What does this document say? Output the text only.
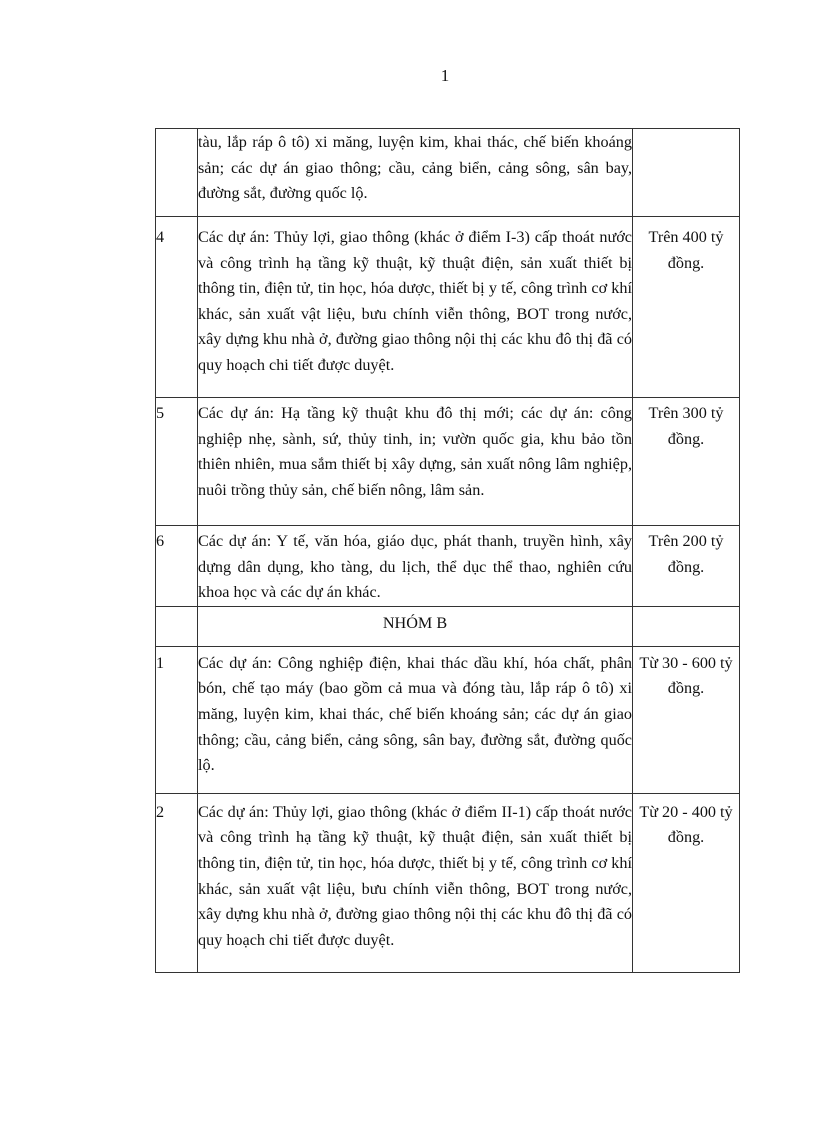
1
	tàu, lắp ráp ô tô) xi măng, luyện kim, khai thác, chế biến khoáng sản; các dự án giao thông; cầu, cảng biển, cảng sông, sân bay, đường sắt, đường quốc lộ.	
4	Các dự án: Thủy lợi, giao thông (khác ở điểm I-3) cấp thoát nước và công trình hạ tầng kỹ thuật, kỹ thuật điện, sản xuất thiết bị thông tin, điện tử, tin học, hóa dược, thiết bị y tế, công trình cơ khí khác, sản xuất vật liệu, bưu chính viễn thông, BOT trong nước, xây dựng khu nhà ở, đường giao thông nội thị các khu đô thị đã có quy hoạch chi tiết được duyệt.	Trên 400 tỷ đồng.
5	Các dự án: Hạ tầng kỹ thuật khu đô thị mới; các dự án: công nghiệp nhẹ, sành, sứ, thủy tinh, in; vườn quốc gia, khu bảo tồn thiên nhiên, mua sắm thiết bị xây dựng, sản xuất nông lâm nghiệp, nuôi trồng thủy sản, chế biến nông, lâm sản.	Trên 300 tỷ đồng.
6	Các dự án: Y tế, văn hóa, giáo dục, phát thanh, truyền hình, xây dựng dân dụng, kho tàng, du lịch, thể dục thể thao, nghiên cứu khoa học và các dự án khác.	Trên 200 tỷ đồng.
	NHÓM B	
1	Các dự án: Công nghiệp điện, khai thác dầu khí, hóa chất, phân bón, chế tạo máy (bao gồm cả mua và đóng tàu, lắp ráp ô tô) xi măng, luyện kim, khai thác, chế biến khoáng sản; các dự án giao thông; cầu, cảng biển, cảng sông, sân bay, đường sắt, đường quốc lộ.	Từ 30 - 600 tỷ đồng.
2	Các dự án: Thủy lợi, giao thông (khác ở điểm II-1) cấp thoát nước và công trình hạ tầng kỹ thuật, kỹ thuật điện, sản xuất thiết bị thông tin, điện tử, tin học, hóa dược, thiết bị y tế, công trình cơ khí khác, sản xuất vật liệu, bưu chính viễn thông, BOT trong nước, xây dựng khu nhà ở, đường giao thông nội thị các khu đô thị đã có quy hoạch chi tiết được duyệt.	Từ 20 - 400 tỷ đồng.
